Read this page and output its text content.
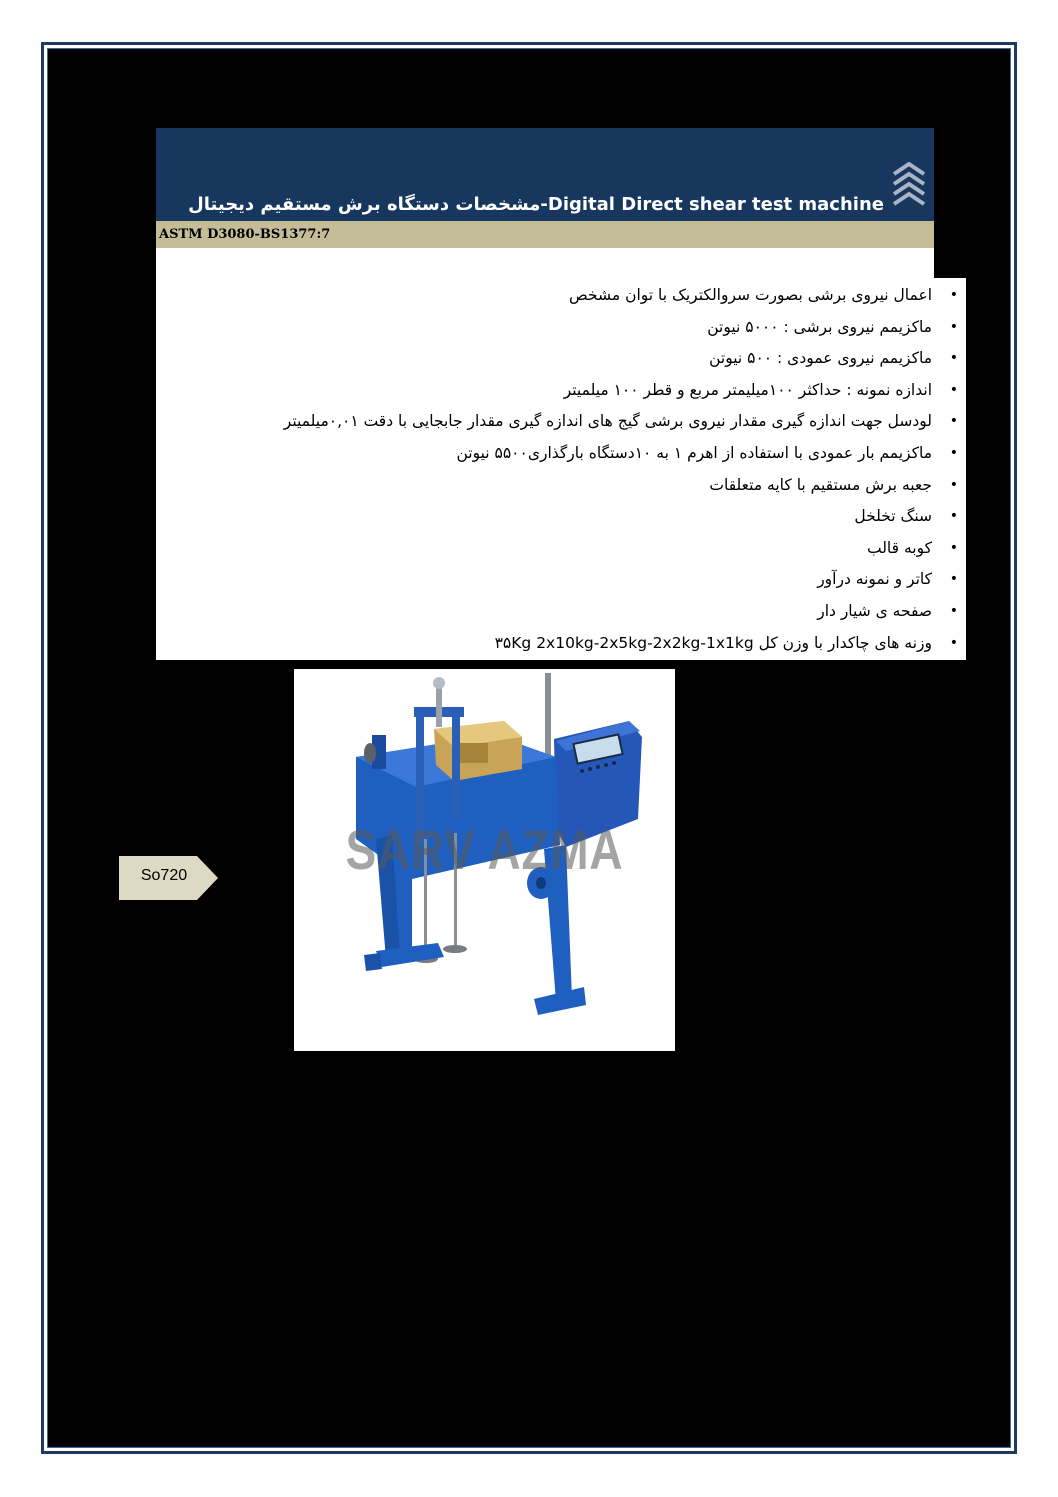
مشخصات دستگاه برش مستقیم دیجیتال-Digital Direct shear test machine
ASTM D3080-BS1377:7
• اعمال نیروی برشی بصورت سروالکتریک با توان مشخص
• ماکزیمم نیروی برشی : ۵۰۰۰ نیوتن
• ماکزیمم نیروی عمودی : ۵۰۰ نیوتن
• اندازه نمونه : حداکثر ۱۰۰میلیمتر مربع و قطر ۱۰۰ میلمیتر
• لودسل جهت اندازه گیری مقدار نیروی برشی گیج های اندازه گیری مقدار جابجایی با دقت ۰,۰۱میلمیتر
• ماکزیمم بار عمودی با استفاده از اهرم ۱ به ۱۰دستگاه بارگذاری۵۵۰۰ نیوتن
• جعبه برش مستقیم با کایه متعلقات
• سنگ تخلخل
• کوبه قالب
• کاتر و نمونه درآور
• صفحه ی شیار دار
• وزنه های چاکدار با وزن کل ۳۵Kg 2x10kg-2x5kg-2x2kg-1x1kg
SARV AZMA
So720
